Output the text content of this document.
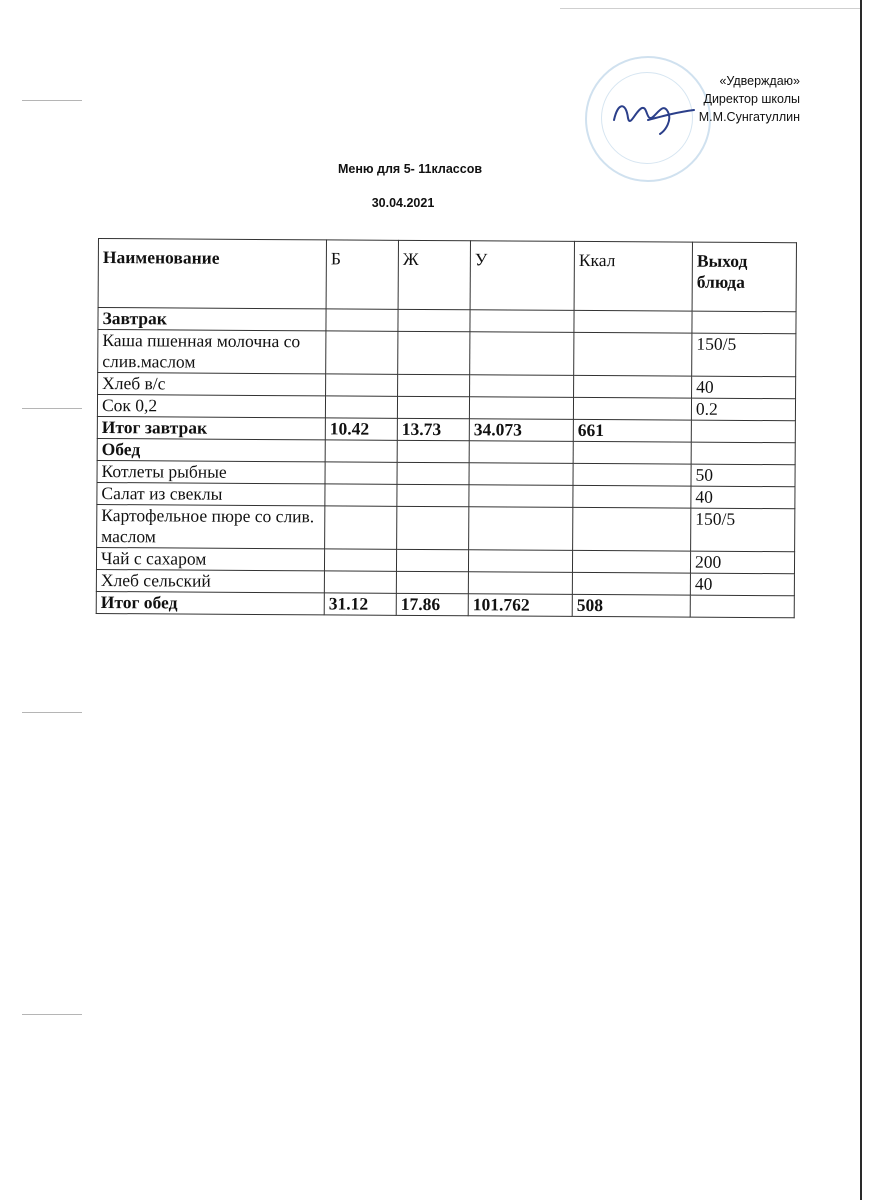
«Удверждаю»
Директор школы
М.М.Сунгатуллин
Меню для 5- 11классов
30.04.2021
Наименование	Б	Ж	У	Ккал	Выход блюда
Завтрак					
Каша пшенная молочна со слив.маслом					150/5
Хлеб в/с					40
Сок 0,2					0.2
Итог завтрак	10.42	13.73	34.073	661	
Обед					
Котлеты рыбные					50
Салат из свеклы					40
Картофельное пюре со слив. маслом					150/5
Чай с сахаром					200
Хлеб сельский					40
Итог обед	31.12	17.86	101.762	508	
